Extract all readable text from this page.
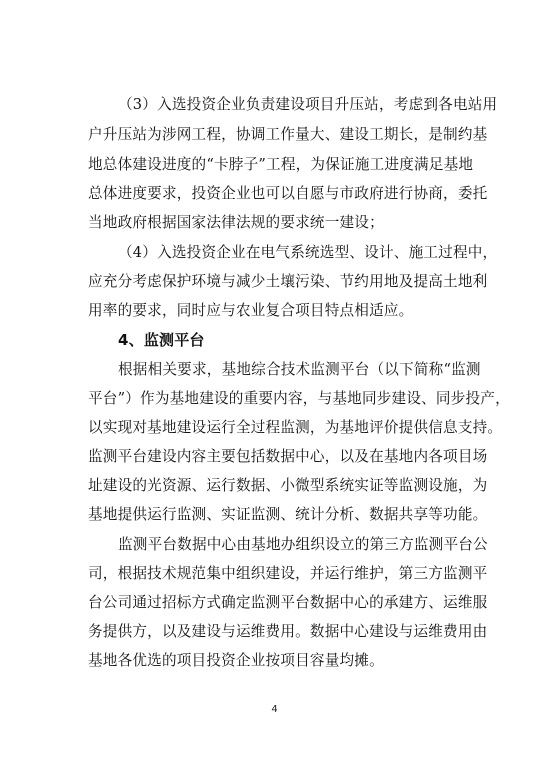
（3）入选投资企业负责建设项目升压站，考虑到各电站用
户升压站为涉网工程，协调工作量大、建设工期长，是制约基
地总体建设进度的“卡脖子”工程，为保证施工进度满足基地
总体进度要求，投资企业也可以自愿与市政府进行协商，委托
当地政府根据国家法律法规的要求统一建设；
（4）入选投资企业在电气系统选型、设计、施工过程中，
应充分考虑保护环境与减少土壤污染、节约用地及提高土地利
用率的要求，同时应与农业复合项目特点相适应。
4、监测平台
根据相关要求，基地综合技术监测平台（以下简称“监测
平台”）作为基地建设的重要内容，与基地同步建设、同步投产，
以实现对基地建设运行全过程监测，为基地评价提供信息支持。
监测平台建设内容主要包括数据中心，以及在基地内各项目场
址建设的光资源、运行数据、小微型系统实证等监测设施，为
基地提供运行监测、实证监测、统计分析、数据共享等功能。
监测平台数据中心由基地办组织设立的第三方监测平台公
司，根据技术规范集中组织建设，并运行维护，第三方监测平
台公司通过招标方式确定监测平台数据中心的承建方、运维服
务提供方，以及建设与运维费用。数据中心建设与运维费用由
基地各优选的项目投资企业按项目容量均摊。
4
